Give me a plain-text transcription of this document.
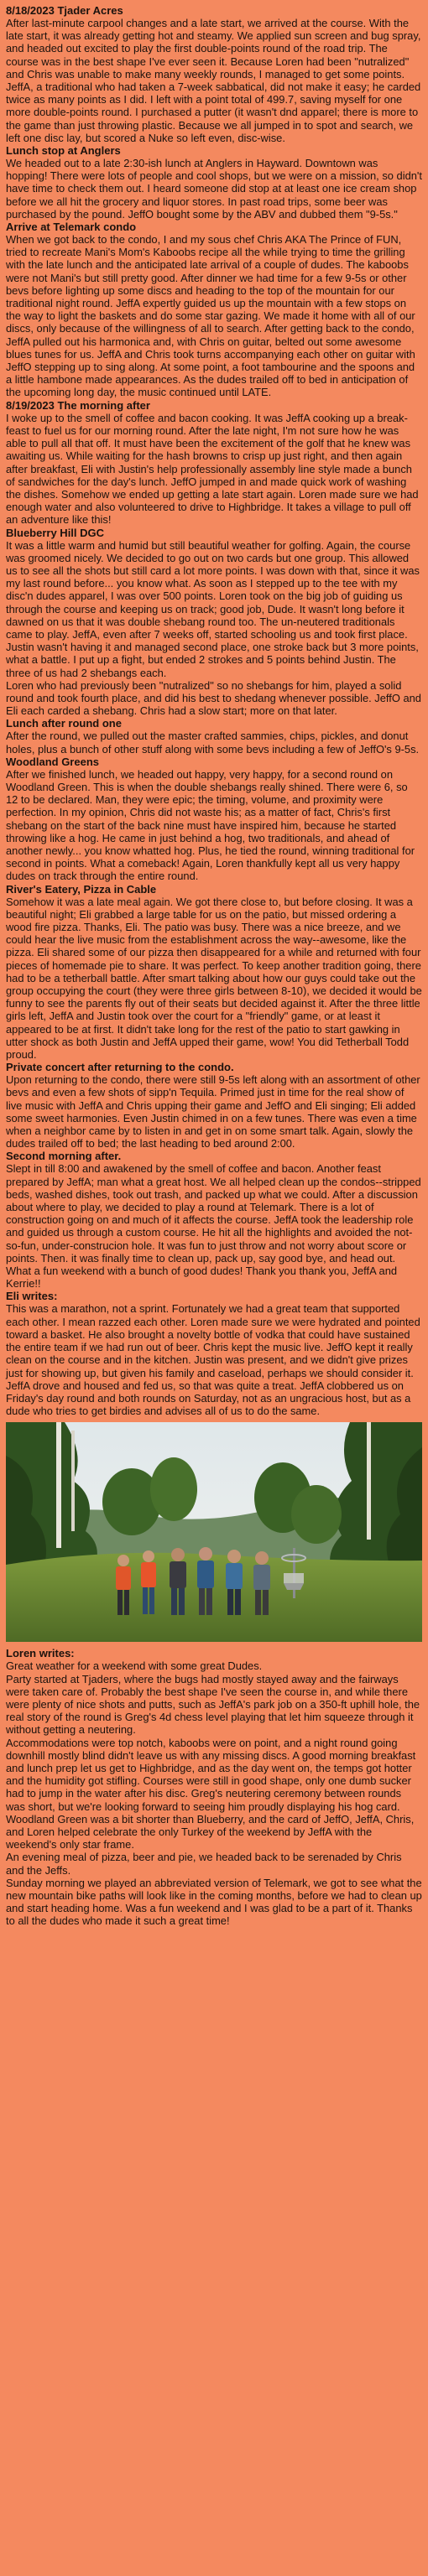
8/18/2023 Tjader Acres

After last-minute carpool changes and a late start, we arrived at the course. With the late start, it was already getting hot and steamy. We applied sun screen and bug spray, and headed out excited to play the first double-points round of the road trip. The course was in the best shape I've ever seen it. Because Loren had been "nutralized" and Chris was unable to make many weekly rounds, I managed to get some points. JeffA, a traditional who had taken a 7-week sabbatical, did not make it easy; he carded twice as many points as I did. I left with a point total of 499.7, saving myself for one more double-points round. I purchased a putter (it wasn't dnd apparel; there is more to the game than just throwing plastic. Because we all jumped in to spot and search, we left one disc lay, but scored a Nuke so left even, disc-wise.

Lunch stop at Anglers

We headed out to a late 2:30-ish lunch at Anglers in Hayward. Downtown was hopping! There were lots of people and cool shops, but we were on a mission, so didn't have time to check them out. I heard someone did stop at at least one ice cream shop before we all hit the grocery and liquor stores. In past road trips, some beer was purchased by the pound. JeffO bought some by the ABV and dubbed them "9-5s."

Arrive at Telemark condo

When we got back to the condo, I and my sous chef Chris AKA The Prince of FUN, tried to recreate Mani's Mom's Kaboobs recipe all the while trying to time the grilling with the late lunch and the anticipated late arrival of a couple of dudes. The kaboobs were not Mani's but still pretty good. After dinner we had time for a few 9-5s or other bevs before lighting up some discs and heading to the top of the mountain for our traditional night round. JeffA expertly guided us up the mountain with a few stops on the way to light the baskets and do some star gazing. We made it home with all of our discs, only because of the willingness of all to search. After getting back to the condo, JeffA pulled out his harmonica and, with Chris on guitar, belted out some awesome blues tunes for us. JeffA and Chris took turns accompanying each other on guitar with JeffO stepping up to sing along. At some point, a foot tambourine and the spoons and a little hambone made appearances. As the dudes trailed off to bed in anticipation of the upcoming long day, the music continued until LATE.

8/19/2023 The morning after

I woke up to the smell of coffee and bacon cooking. It was JeffA cooking up a break-feast to fuel us for our morning round. After the late night, I'm not sure how he was able to pull all that off. It must have been the excitement of the golf that he knew was awaiting us. While waiting for the hash browns to crisp up just right, and then again after breakfast, Eli with Justin's help professionally assembly line style made a bunch of sandwiches for the day's lunch. JeffO jumped in and made quick work of washing the dishes. Somehow we ended up getting a late start again. Loren made sure we had enough water and also volunteered to drive to Highbridge. It takes a village to pull off an adventure like this!

Blueberry Hill DGC

It was a little warm and humid but still beautiful weather for golfing. Again, the course was groomed nicely. We decided to go out on two cards but one group. This allowed us to see all the shots but still card a lot more points. I was down with that, since it was my last round before... you know what. As soon as I stepped up to the tee with my disc'n dudes apparel, I was over 500 points. Loren took on the big job of guiding us through the course and keeping us on track; good job, Dude. It wasn't long before it dawned on us that it was double shebang round too. The un-neutered traditionals came to play. JeffA, even after 7 weeks off, started schooling us and took first place. Justin wasn't having it and managed second place, one stroke back but 3 more points, what a battle. I put up a fight, but ended 2 strokes and 5 points behind Justin. The three of us had 2 shebangs each.

Loren who had previously been "nutralized" so no shebangs for him, played a solid round and took fourth place, and did his best to shedang whenever possible. JeffO and Eli each carded a shebang. Chris had a slow start; more on that later.

Lunch after round one

After the round, we pulled out the master crafted sammies, chips, pickles, and donut holes, plus a bunch of other stuff along with some bevs including a few of JeffO's 9-5s.

Woodland Greens

After we finished lunch, we headed out happy, very happy, for a second round on Woodland Green. This is when the double shebangs really shined. There were 6, so 12 to be declared. Man, they were epic; the timing, volume, and proximity were perfection. In my opinion, Chris did not waste his; as a matter of fact, Chris's first shebang on the start of the back nine must have inspired him, because he started throwing like a hog. He came in just behind a hog, two traditionals, and ahead of another newly... you know whatted hog. Plus, he tied the round, winning traditional for second in points. What a comeback! Again, Loren thankfully kept all us very happy dudes on track through the entire round.

River's Eatery, Pizza in Cable

Somehow it was a late meal again. We got there close to, but before closing. It was a beautiful night; Eli grabbed a large table for us on the patio, but missed ordering a wood fire pizza. Thanks, Eli. The patio was busy. There was a nice breeze, and we could hear the live music from the establishment across the way--awesome, like the pizza. Eli shared some of our pizza then disappeared for a while and returned with four pieces of homemade pie to share. It was perfect. To keep another tradition going, there had to be a tetherball battle. After smart talking about how our guys could take out the group occupying the court (they were three girls between 8-10), we decided it would be funny to see the parents fly out of their seats but decided against it. After the three little girls left, JeffA and Justin took over the court for a "friendly" game, or at least it appeared to be at first. It didn't take long for the rest of the patio to start gawking in utter shock as both Justin and JeffA upped their game, wow! You did Tetherball Todd proud.

Private concert after returning to the condo.

Upon returning to the condo, there were still 9-5s left along with an assortment of other bevs and even a few shots of sipp'n Tequila. Primed just in time for the real show of live music with JeffA and Chris upping their game and JeffO and Eli singing; Eli added some sweet harmonies. Even Justin chimed in on a few tunes. There was even a time when a neighbor came by to listen in and get in on some smart talk. Again, slowly the dudes trailed off to bed; the last heading to bed around 2:00.

Second morning after.

Slept in till 8:00 and awakened by the smell of coffee and bacon. Another feast prepared by JeffA; man what a great host. We all helped clean up the condos--stripped beds, washed dishes, took out trash, and packed up what we could. After a discussion about where to play, we decided to play a round at Telemark. There is a lot of construction going on and much of it affects the course. JeffA took the leadership role and guided us through a custom course. He hit all the highlights and avoided the not-so-fun, under-construcion hole. It was fun to just throw and not worry about score or points. Then. it was finally time to clean up, pack up, say good bye, and head out. What a fun weekend with a bunch of good dudes! Thank you thank you, JeffA and Kerrie!!

Eli writes:

This was a marathon, not a sprint. Fortunately we had a great team that supported each other. I mean razzed each other. Loren made sure we were hydrated and pointed toward a basket. He also brought a novelty bottle of vodka that could have sustained the entire team if we had run out of beer. Chris kept the music live. JeffO kept it really clean on the course and in the kitchen. Justin was present, and we didn't give prizes just for showing up, but given his family and caseload, perhaps we should consider it. JeffA drove and housed and fed us, so that was quite a treat. JeffA clobbered us on Friday's day round and both rounds on Saturday, not as an ungracious host, but as a dude who tries to get birdies and advises all of us to do the same.

Loren writes:

Great weather for a weekend with some great Dudes.

Party started at Tjaders, where the bugs had mostly stayed away and the fairways were taken care of. Probably the best shape I've seen the course in, and while there were plenty of nice shots and putts, such as JeffA's park job on a 350-ft uphill hole, the real story of the round is Greg's 4d chess level playing that let him squeeze through it without getting a neutering.

Accommodations were top notch, kaboobs were on point, and a night round going downhill mostly blind didn't leave us with any missing discs. A good morning breakfast and lunch prep let us get to Highbridge, and as the day went on, the temps got hotter and the humidity got stifling. Courses were still in good shape, only one dumb sucker had to jump in the water after his disc. Greg's neutering ceremony between rounds was short, but we're looking forward to seeing him proudly displaying his hog card.

Woodland Green was a bit shorter than Blueberry, and the card of JeffO, JeffA, Chris, and Loren helped celebrate the only Turkey of the weekend by JeffA with the weekend's only star frame.

An evening meal of pizza, beer and pie, we headed back to be serenaded by Chris and the Jeffs.

Sunday morning we played an abbreviated version of Telemark, we got to see what the new mountain bike paths will look like in the coming months, before we had to clean up and start heading home. Was a fun weekend and I was glad to be a part of it. Thanks to all the dudes who made it such a great time!
